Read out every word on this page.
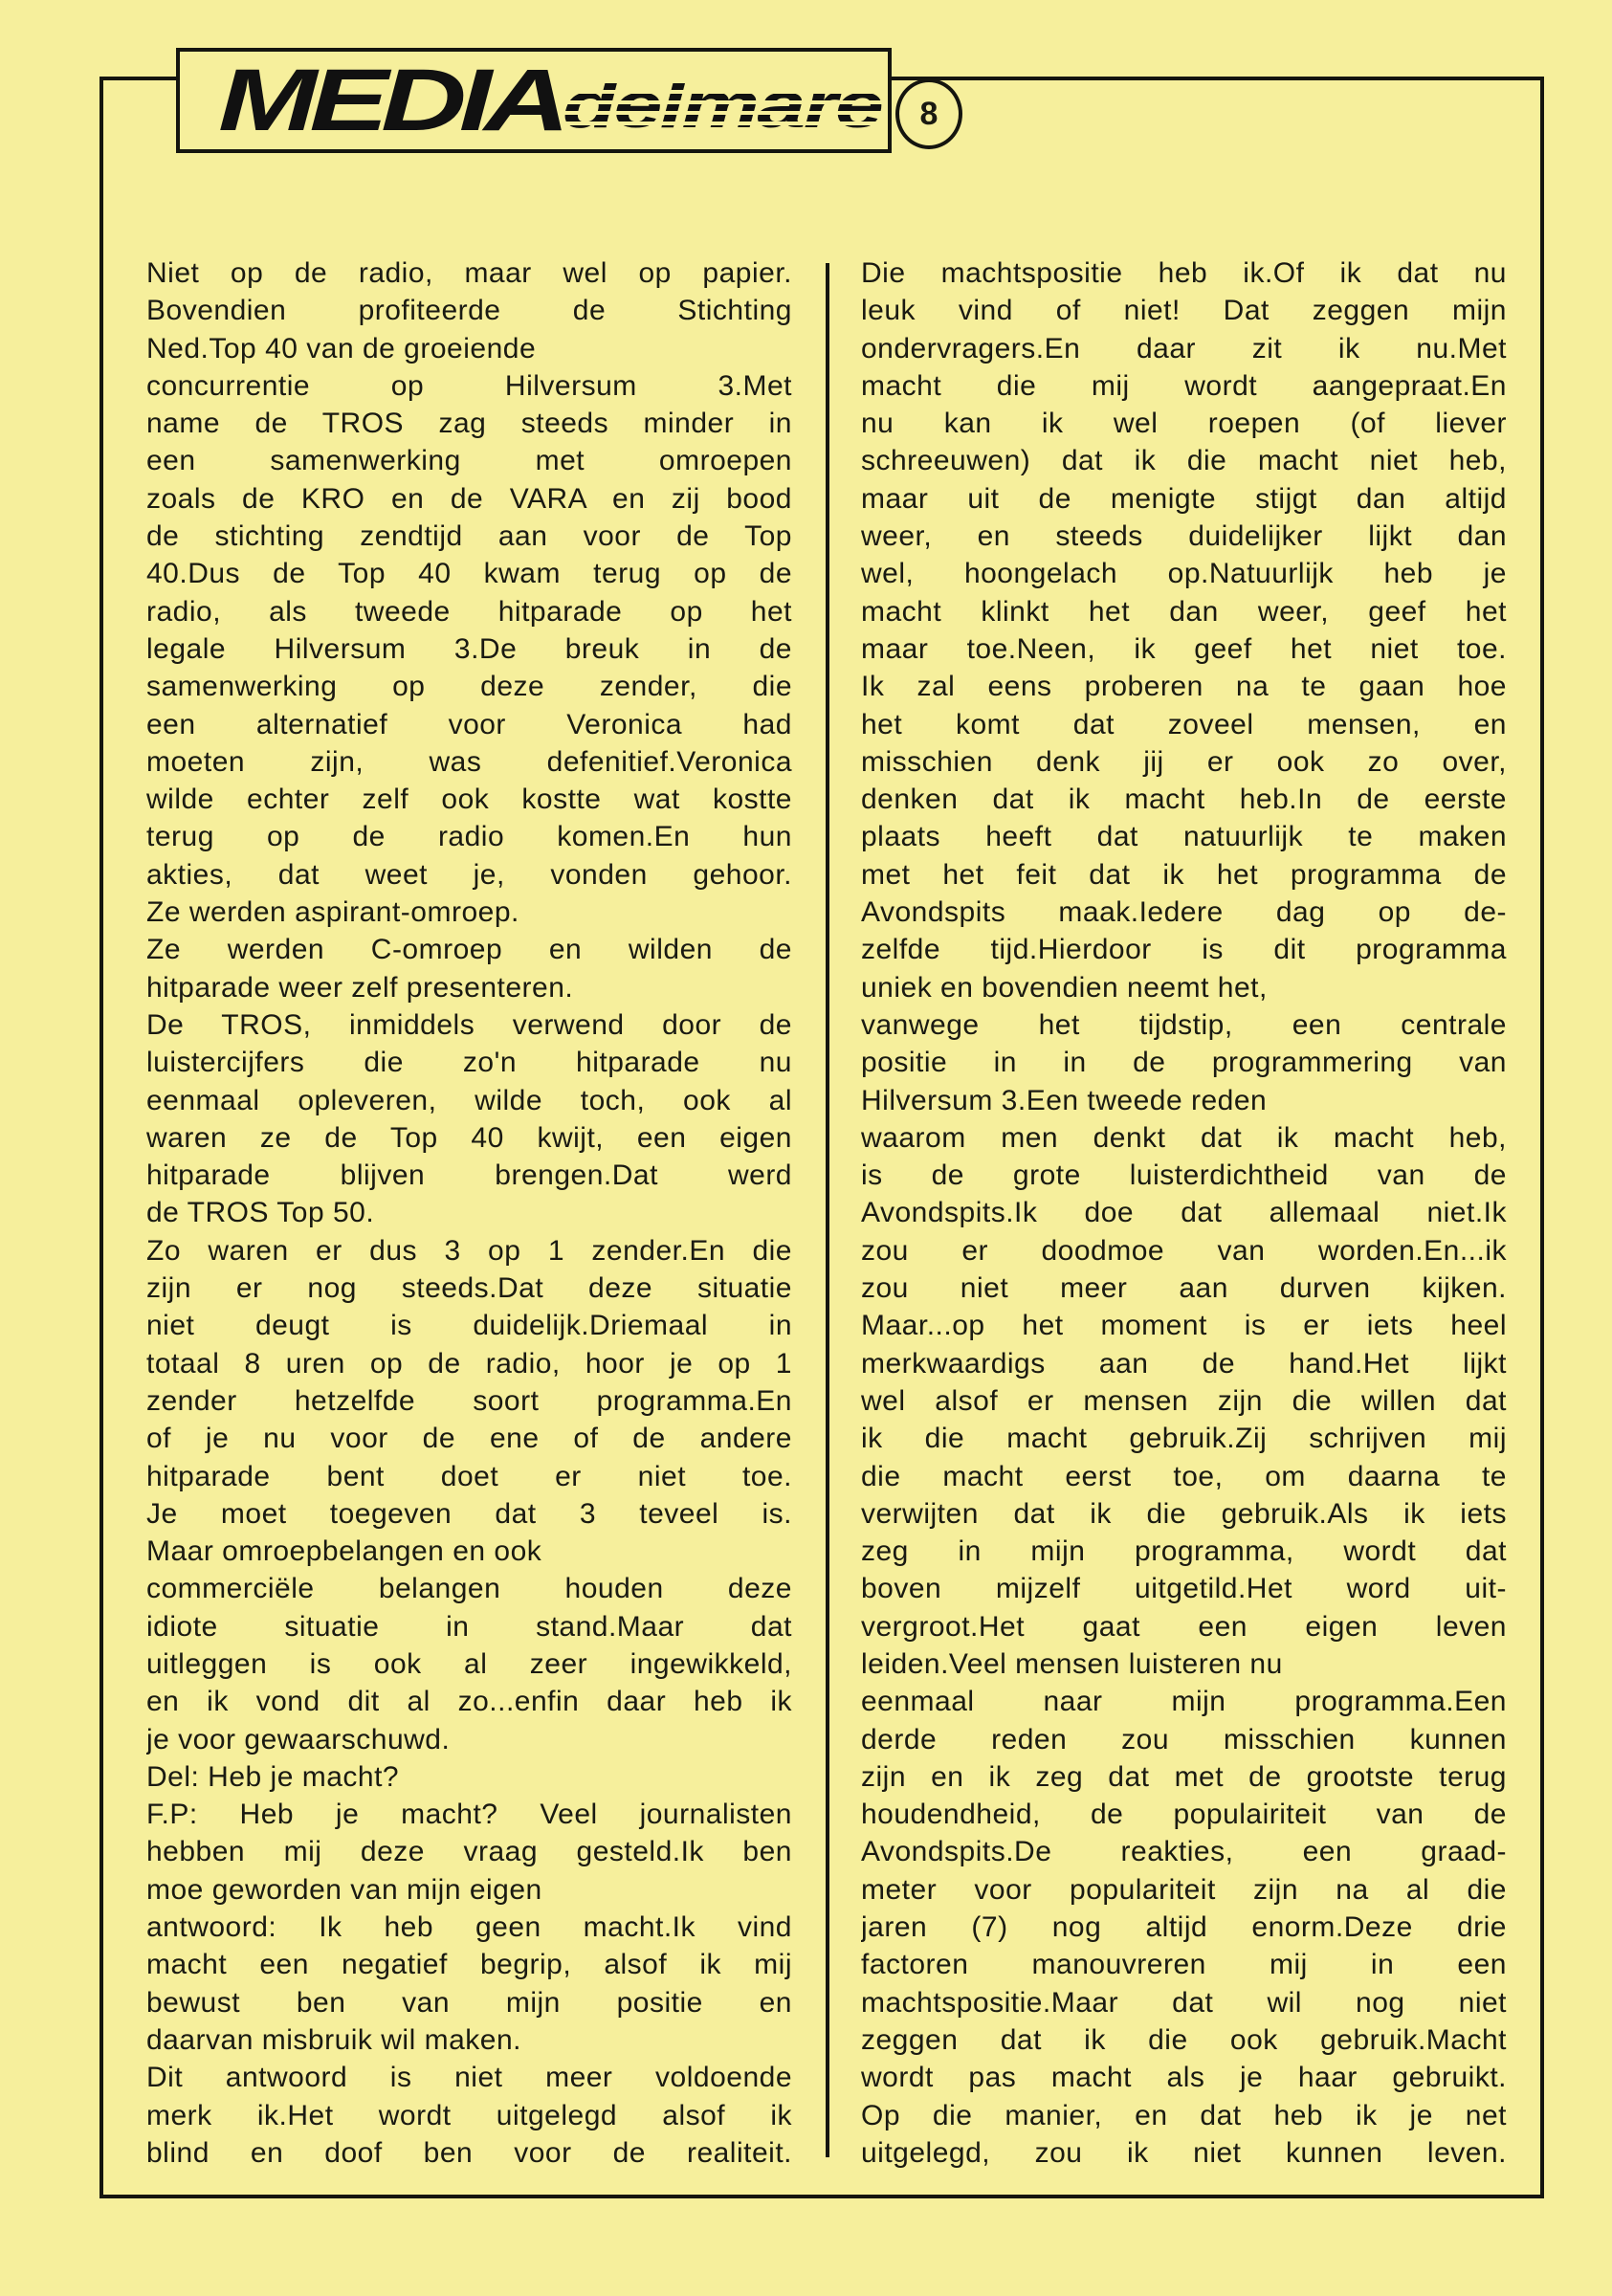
MEDIA delmare	8
Niet op de radio, maar wel op papier.
Bovendien profiteerde de Stichting
Ned.Top 40 van de groeiende
concurrentie op Hilversum 3.Met
name de TROS zag steeds minder in
een samenwerking met omroepen
zoals de KRO en de VARA en zij bood
de stichting zendtijd aan voor de Top
40.Dus de Top 40 kwam terug op de
radio, als tweede hitparade op het
legale Hilversum 3.De breuk in de
samenwerking op deze zender, die
een alternatief voor Veronica had
moeten zijn, was defenitief.Veronica
wilde echter zelf ook kostte wat kostte
terug op de radio komen.En hun
akties, dat weet je, vonden gehoor.
Ze werden aspirant-omroep.
Ze werden C-omroep en wilden de
hitparade weer zelf presenteren.
De TROS, inmiddels verwend door de
luistercijfers die zo'n hitparade nu
eenmaal opleveren, wilde toch, ook al
waren ze de Top 40 kwijt, een eigen
hitparade blijven brengen.Dat werd
de TROS Top 50.
Zo waren er dus 3 op 1 zender.En die
zijn er nog steeds.Dat deze situatie
niet deugt is duidelijk.Driemaal in
totaal 8 uren op de radio, hoor je op 1
zender hetzelfde soort programma.En
of je nu voor de ene of de andere
hitparade bent doet er niet toe.
Je moet toegeven dat 3 teveel is.
Maar omroepbelangen en ook
commerciële belangen houden deze
idiote situatie in stand.Maar dat
uitleggen is ook al zeer ingewikkeld,
en ik vond dit al zo...enfin daar heb ik
je voor gewaarschuwd.
Del: Heb je macht?
F.P: Heb je macht? Veel journalisten
hebben mij deze vraag gesteld.Ik ben
moe geworden van mijn eigen
antwoord: Ik heb geen macht.Ik vind
macht een negatief begrip, alsof ik mij
bewust ben van mijn positie en
daarvan misbruik wil maken.
Dit antwoord is niet meer voldoende
merk ik.Het wordt uitgelegd alsof ik
blind en doof ben voor de realiteit.
Die machtspositie heb ik.Of ik dat nu
leuk vind of niet! Dat zeggen mijn
ondervragers.En daar zit ik nu.Met
macht die mij wordt aangepraat.En
nu kan ik wel roepen (of liever
schreeuwen) dat ik die macht niet heb,
maar uit de menigte stijgt dan altijd
weer, en steeds duidelijker lijkt dan
wel, hoongelach op.Natuurlijk heb je
macht klinkt het dan weer, geef het
maar toe.Neen, ik geef het niet toe.
Ik zal eens proberen na te gaan hoe
het komt dat zoveel mensen, en
misschien denk jij er ook zo over,
denken dat ik macht heb.In de eerste
plaats heeft dat natuurlijk te maken
met het feit dat ik het programma de
Avondspits maak.Iedere dag op de-
zelfde tijd.Hierdoor is dit programma
uniek en bovendien neemt het,
vanwege het tijdstip, een centrale
positie in in de programmering van
Hilversum 3.Een tweede reden
waarom men denkt dat ik macht heb,
is de grote luisterdichtheid van de
Avondspits.Ik doe dat allemaal niet.Ik
zou er doodmoe van worden.En...ik
zou niet meer aan durven kijken.
Maar...op het moment is er iets heel
merkwaardigs aan de hand.Het lijkt
wel alsof er mensen zijn die willen dat
ik die macht gebruik.Zij schrijven mij
die macht eerst toe, om daarna te
verwijten dat ik die gebruik.Als ik iets
zeg in mijn programma, wordt dat
boven mijzelf uitgetild.Het word uit-
vergroot.Het gaat een eigen leven
leiden.Veel mensen luisteren nu
eenmaal naar mijn programma.Een
derde reden zou misschien kunnen
zijn en ik zeg dat met de grootste terug
houdendheid, de populairiteit van de
Avondspits.De reakties, een graad-
meter voor populariteit zijn na al die
jaren (7) nog altijd enorm.Deze drie
factoren manouvreren mij in een
machtspositie.Maar dat wil nog niet
zeggen dat ik die ook gebruik.Macht
wordt pas macht als je haar gebruikt.
Op die manier, en dat heb ik je net
uitgelegd, zou ik niet kunnen leven.
